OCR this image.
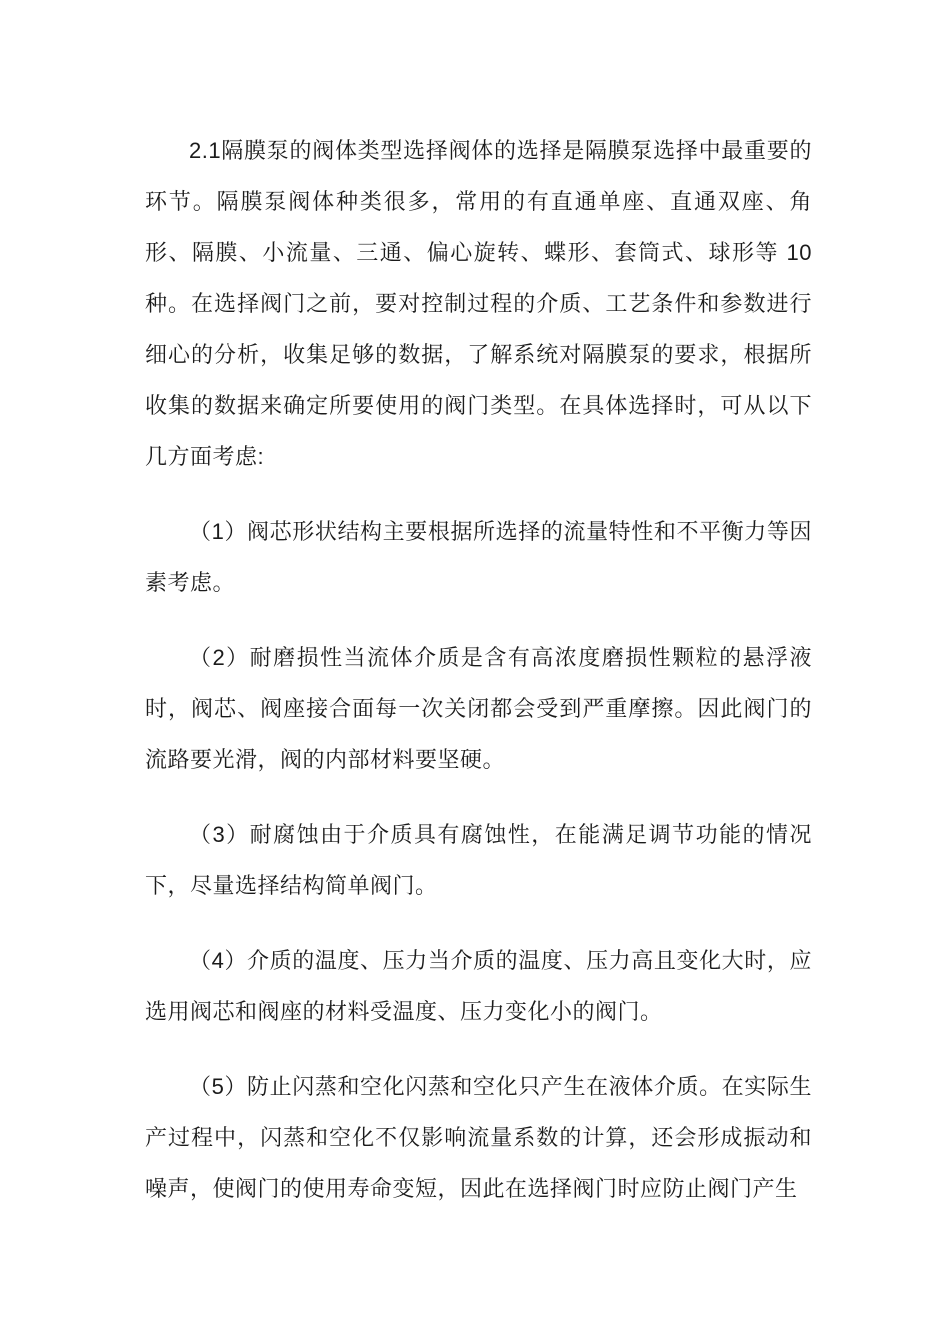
2.1隔膜泵的阀体类型选择阀体的选择是隔膜泵选择中最重要的环节。隔膜泵阀体种类很多，常用的有直通单座、直通双座、角形、隔膜、小流量、三通、偏心旋转、蝶形、套筒式、球形等 10 种。在选择阀门之前，要对控制过程的介质、工艺条件和参数进行细心的分析，收集足够的数据，了解系统对隔膜泵的要求，根据所收集的数据来确定所要使用的阀门类型。在具体选择时，可从以下几方面考虑:

（1）阀芯形状结构主要根据所选择的流量特性和不平衡力等因素考虑。

（2）耐磨损性当流体介质是含有高浓度磨损性颗粒的悬浮液时，阀芯、阀座接合面每一次关闭都会受到严重摩擦。因此阀门的流路要光滑，阀的内部材料要坚硬。

（3）耐腐蚀由于介质具有腐蚀性，在能满足调节功能的情况下，尽量选择结构简单阀门。

（4）介质的温度、压力当介质的温度、压力高且变化大时，应选用阀芯和阀座的材料受温度、压力变化小的阀门。

（5）防止闪蒸和空化闪蒸和空化只产生在液体介质。在实际生产过程中，闪蒸和空化不仅影响流量系数的计算，还会形成振动和噪声，使阀门的使用寿命变短，因此在选择阀门时应防止阀门产生
